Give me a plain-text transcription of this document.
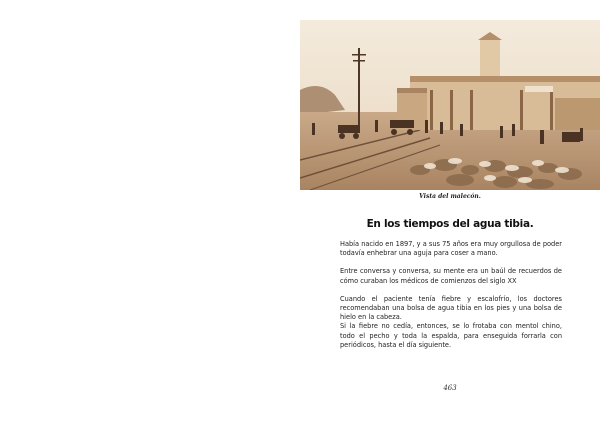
Vista del malecón.
En los tiempos del agua tibia.

Había nacido en 1897, y a sus 75 años era muy orgullosa de poder todavía enhebrar una aguja para coser a mano.

Entre conversa y conversa, su mente era un baúl de recuerdos de cómo curaban los médicos de comienzos del siglo XX

Cuando el paciente tenía fiebre y escalofrío, los doctores recomendaban una bolsa de agua tibia en los pies y una bolsa de hielo en la cabeza.

Si la fiebre no cedía, entonces, se lo frotaba con mentol chino, todo el pecho y toda la espalda, para enseguida forrarla con periódicos, hasta el día siguiente.

463
